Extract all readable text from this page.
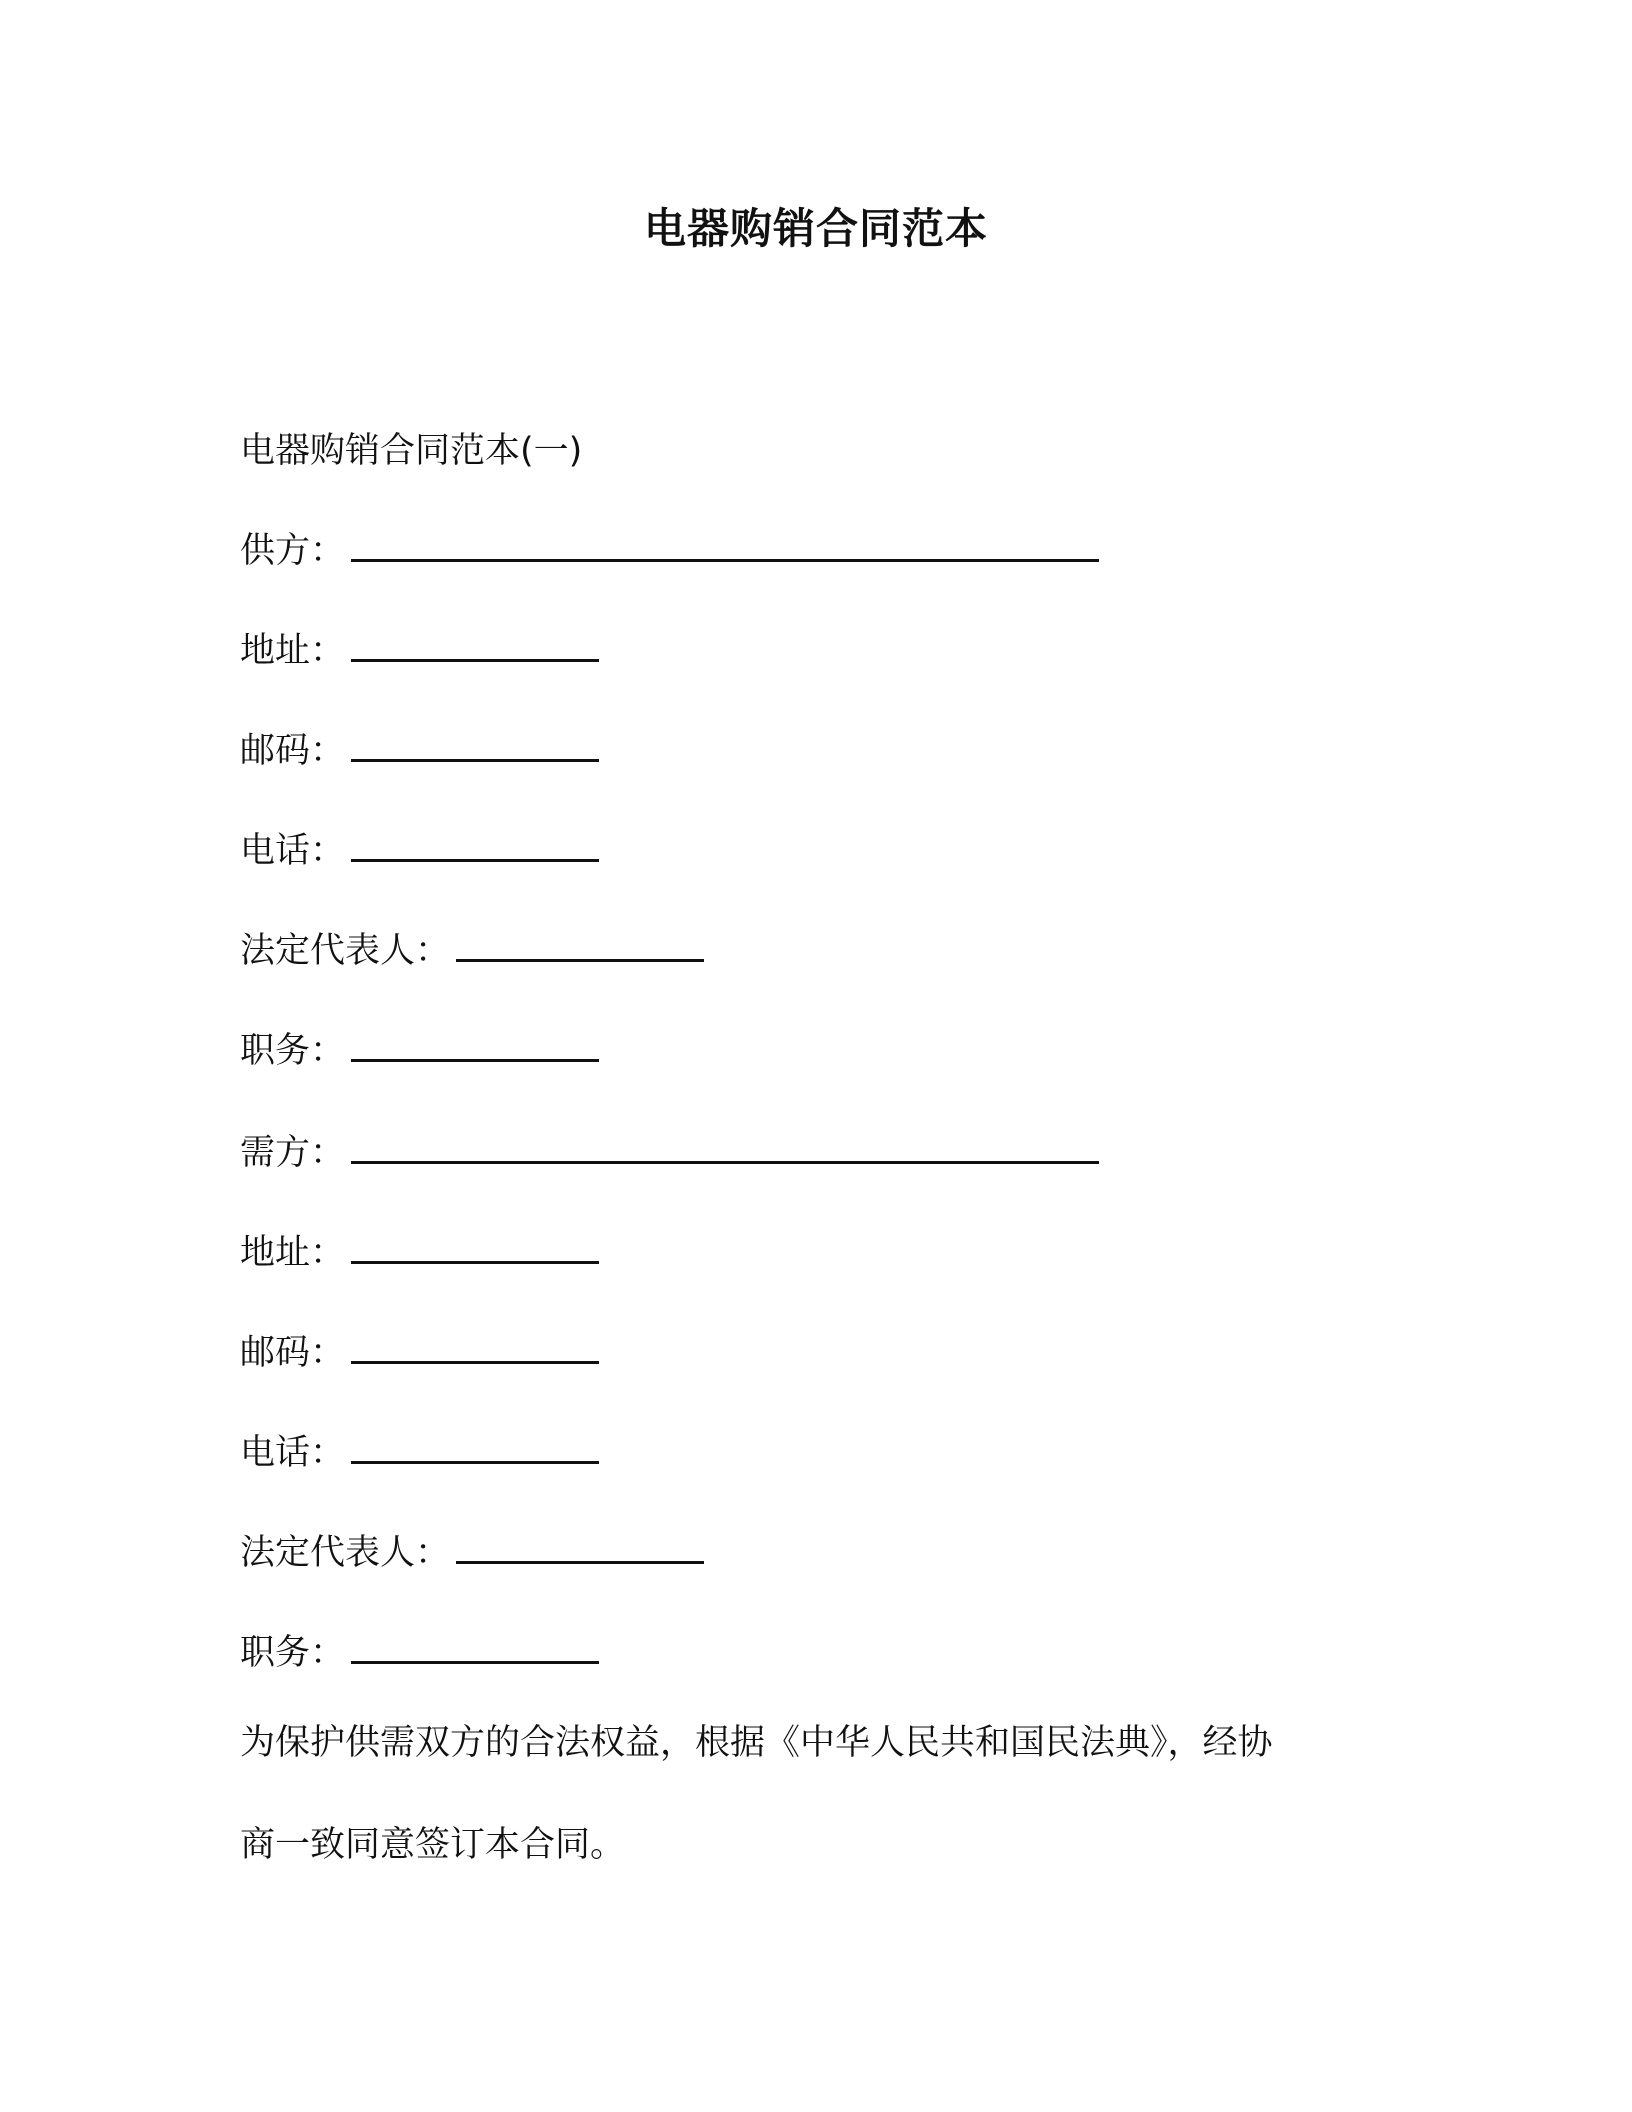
电器购销合同范本
电器购销合同范本(一)
供方：
地址：
邮码：
电话：
法定代表人：
职务：
需方：
地址：
邮码：
电话：
法定代表人：
职务：
为保护供需双方的合法权益，根据《中华人民共和国民法典》，经协
商一致同意签订本合同。
